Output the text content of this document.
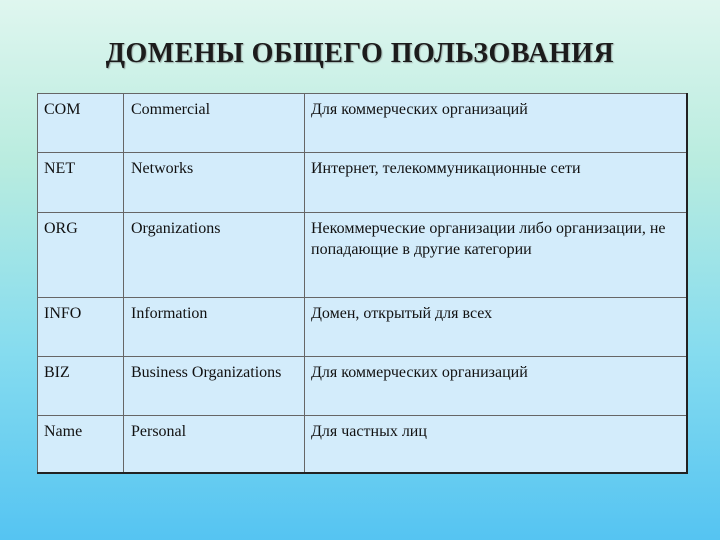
ДОМЕНЫ ОБЩЕГО ПОЛЬЗОВАНИЯ
COM	Commercial	Для коммерческих организаций
NET	Networks	Интернет, телекоммуникационные сети
ORG	Organizations	Некоммерческие организации либо организации, не попадающие в другие категории
INFO	Information	Домен, открытый для всех
BIZ	Business Organizations	Для коммерческих организаций
Name	Personal	Для частных лиц
